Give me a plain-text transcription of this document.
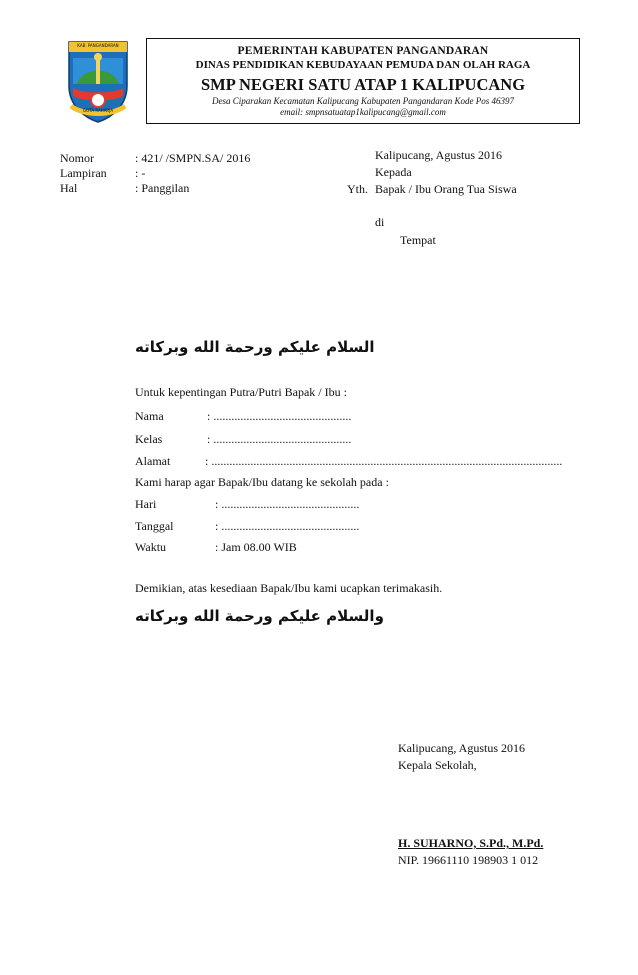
KAB. PANGANDARAN
GOTA RAHARJA
PEMERINTAH KABUPATEN PANGANDARAN
DINAS PENDIDIKAN KEBUDAYAAN PEMUDA DAN OLAH RAGA
SMP NEGERI SATU ATAP 1 KALIPUCANG
Desa Ciparakan Kecamatan Kalipucang Kabupaten Pangandaran Kode Pos 46397
email: smpnsatuatap1kalipucang@gmail.com
Nomor	: 421/ /SMPN.SA/ 2016
Lampiran : -
Hal	: Panggilan
Kalipucang, Agustus 2016
Kepada
Yth. Bapak / Ibu Orang Tua Siswa
di
Tempat
السلام عليكم ورحمة الله وبركاته
Untuk kepentingan Putra/Putri Bapak / Ibu :
Nama	: ..............................................
Kelas	: ..............................................
Alamat	: .....................................................................................................................
Kami harap agar Bapak/Ibu datang ke sekolah pada :
Hari	: ..............................................
Tanggal	: ..............................................
Waktu	: Jam 08.00 WIB
Demikian, atas kesediaan Bapak/Ibu kami ucapkan terimakasih.
والسلام عليكم ورحمة الله وبركاته
Kalipucang, Agustus 2016
Kepala Sekolah,
H. SUHARNO, S.Pd., M.Pd.
NIP. 19661110 198903 1 012
